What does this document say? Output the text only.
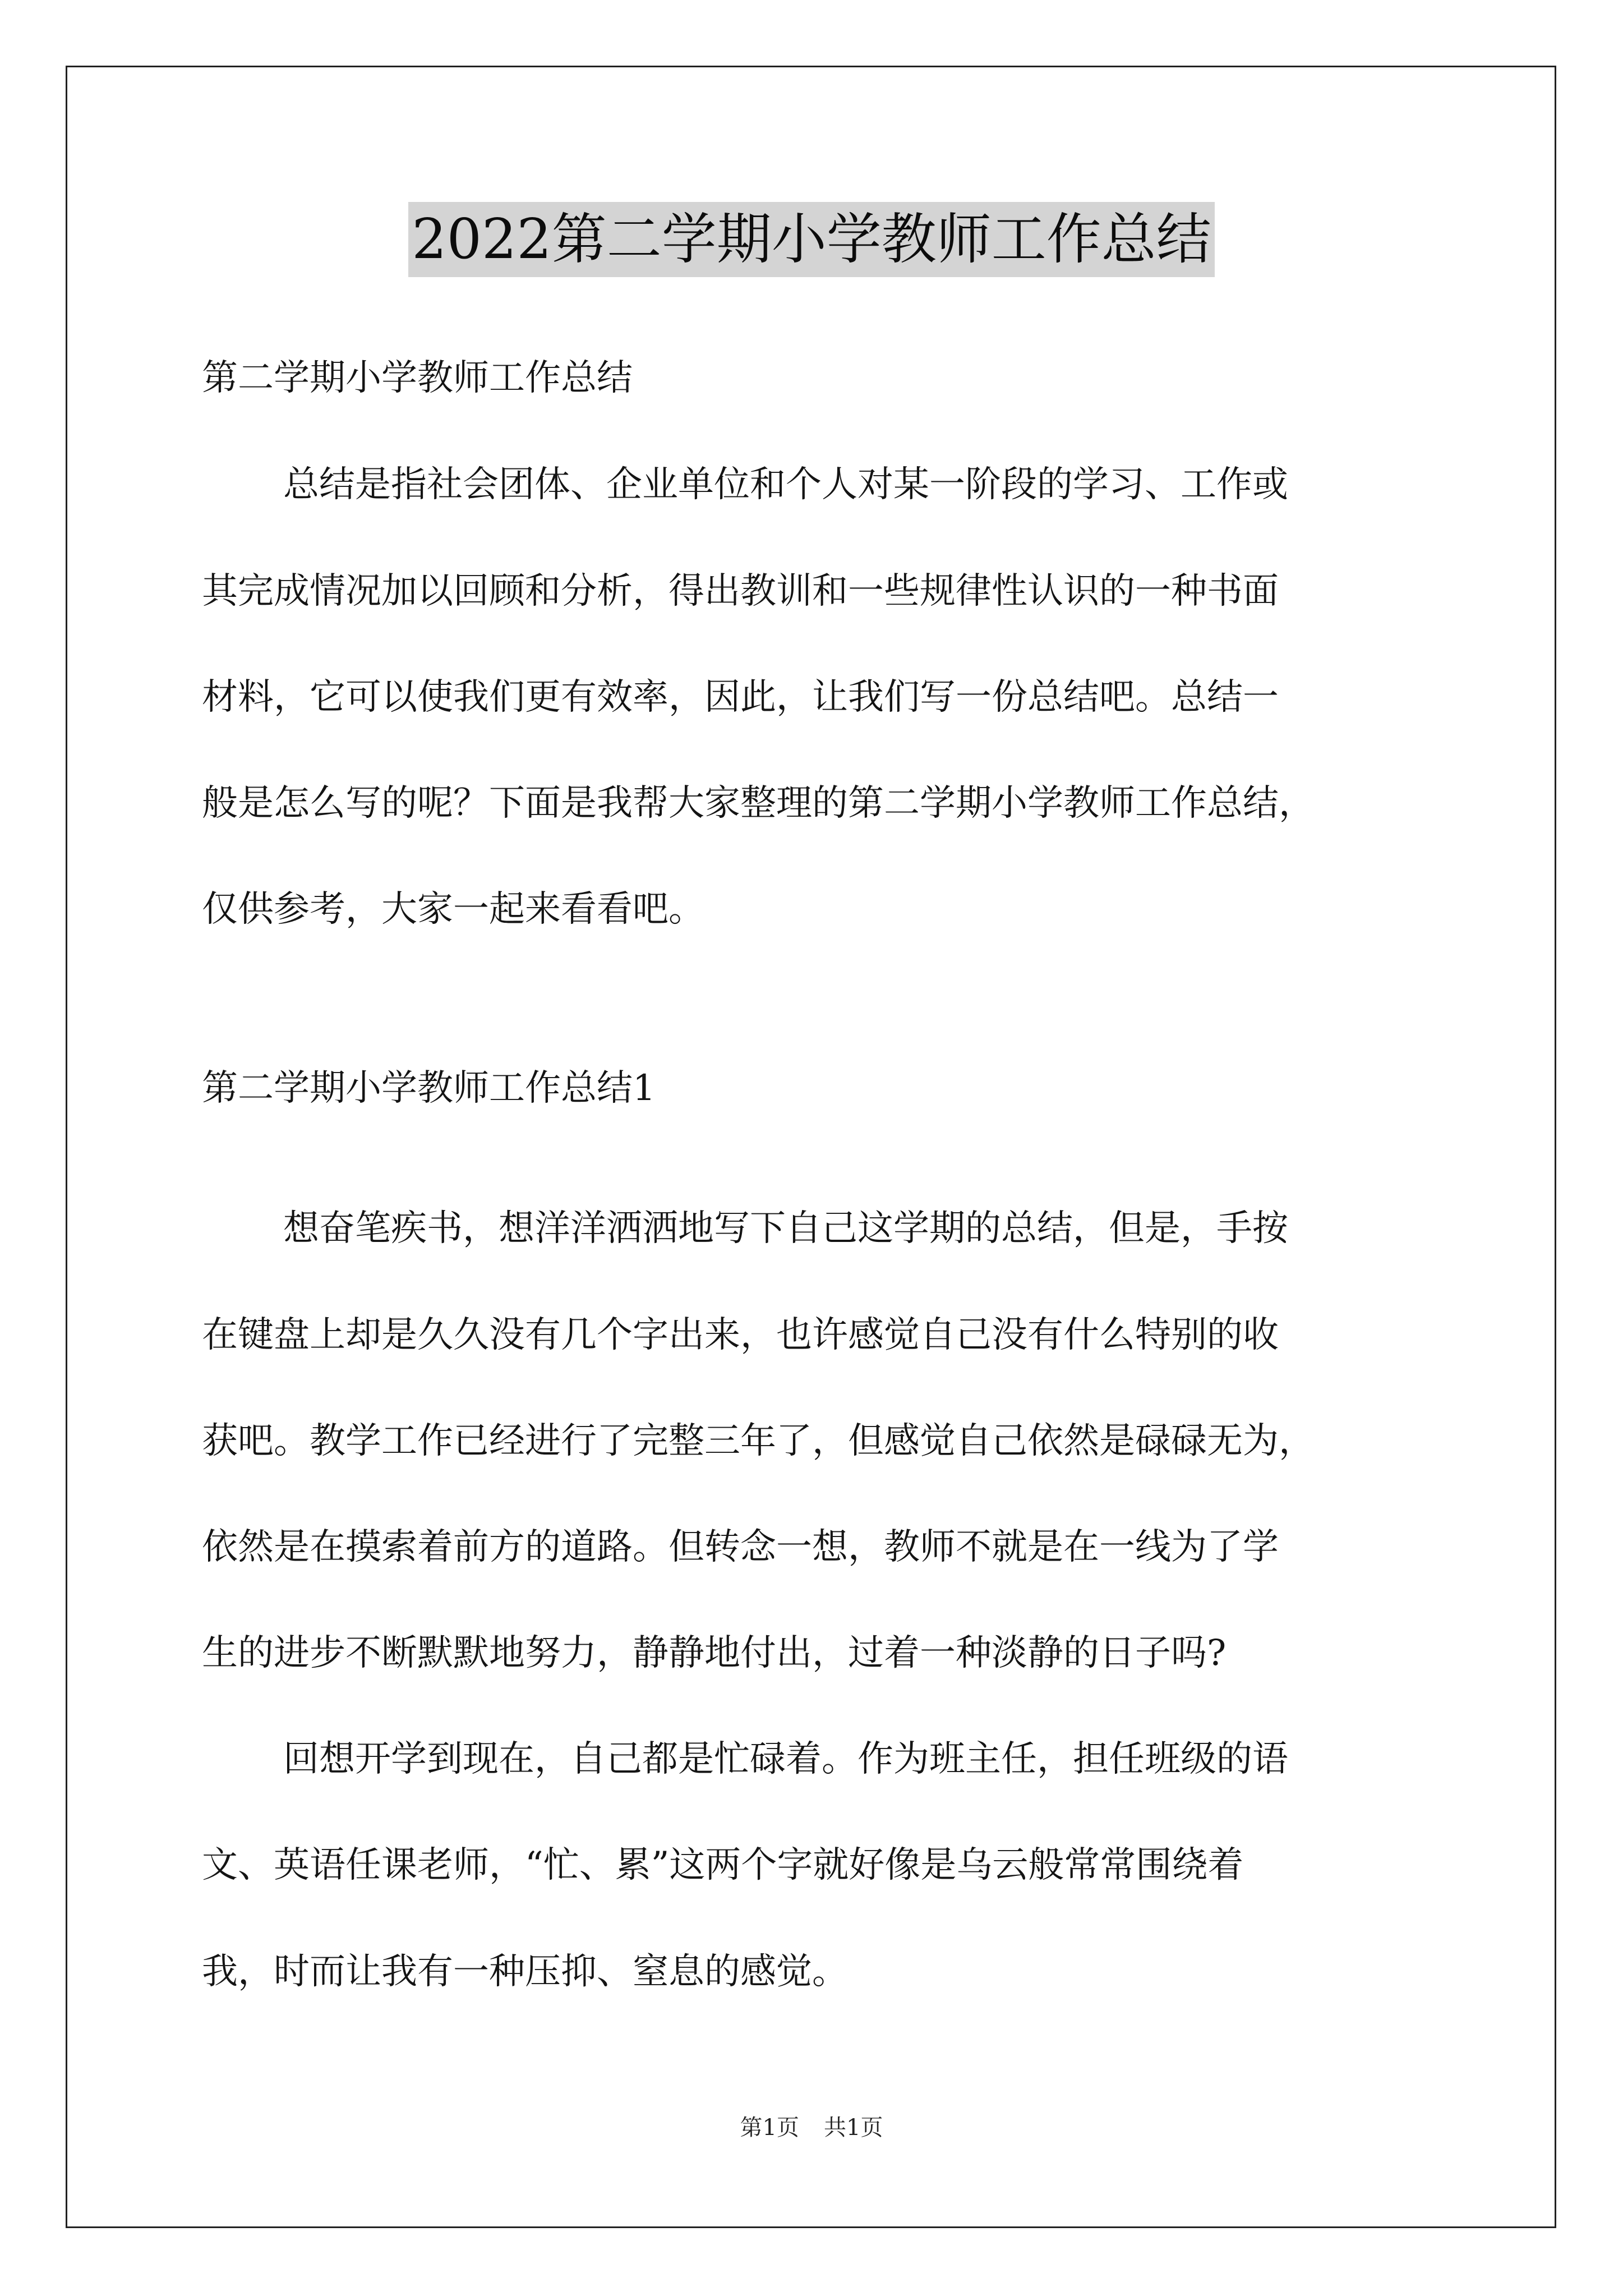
2022第二学期小学教师工作总结
第二学期小学教师工作总结
总结是指社会团体、企业单位和个人对某一阶段的学习、工作或
其完成情况加以回顾和分析，得出教训和一些规律性认识的一种书面
材料，它可以使我们更有效率，因此，让我们写一份总结吧。总结一
般是怎么写的呢？下面是我帮大家整理的第二学期小学教师工作总结，
仅供参考，大家一起来看看吧。
第二学期小学教师工作总结1
想奋笔疾书，想洋洋洒洒地写下自己这学期的总结，但是，手按
在键盘上却是久久没有几个字出来，也许感觉自己没有什么特别的收
获吧。教学工作已经进行了完整三年了，但感觉自己依然是碌碌无为，
依然是在摸索着前方的道路。但转念一想，教师不就是在一线为了学
生的进步不断默默地努力，静静地付出，过着一种淡静的日子吗?
回想开学到现在，自己都是忙碌着。作为班主任，担任班级的语
文、英语任课老师，“忙、累”这两个字就好像是乌云般常常围绕着
我，时而让我有一种压抑、窒息的感觉。
第1页 共1页
